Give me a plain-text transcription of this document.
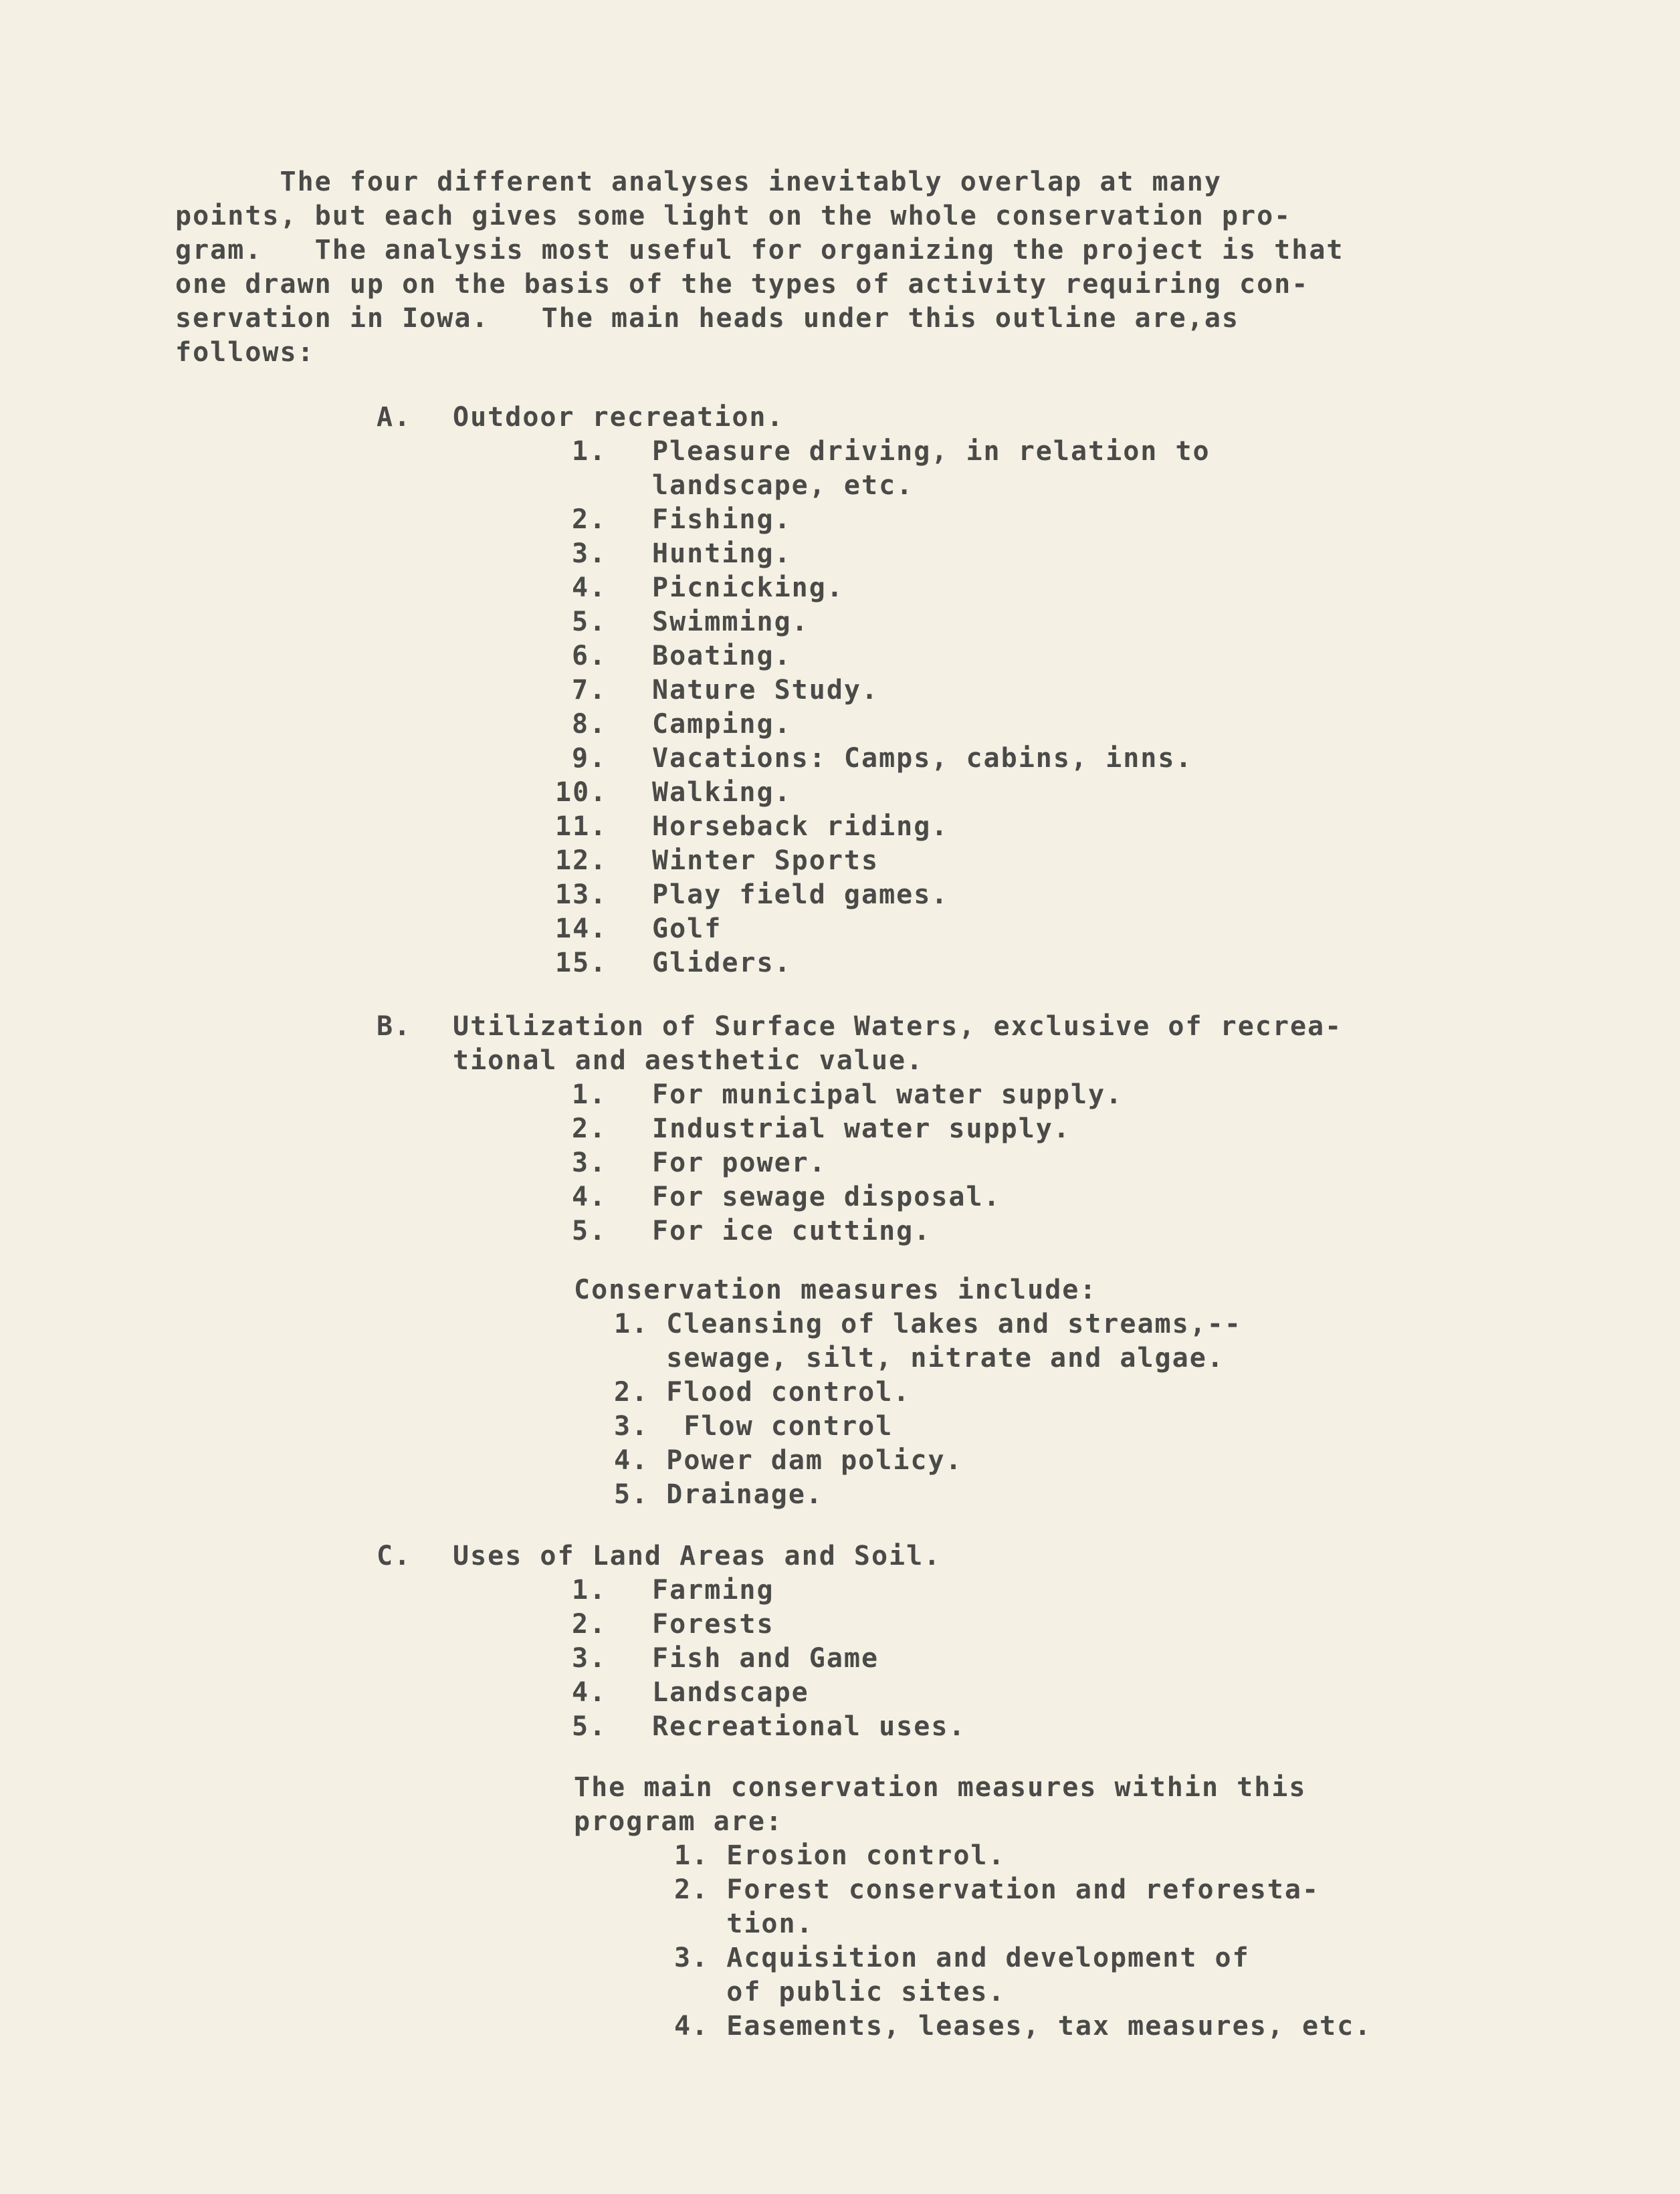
The four different analyses inevitably overlap at many
points, but each gives some light on the whole conservation pro-
gram.   The analysis most useful for organizing the project is that
one drawn up on the basis of the types of activity requiring con-
servation in Iowa.   The main heads under this outline are,as
follows:
A. Outdoor recreation.
1. Pleasure driving, in relation to
landscape, etc.
2. Fishing.
3. Hunting.
4. Picnicking.
5. Swimming.
6. Boating.
7. Nature Study.
8. Camping.
9. Vacations: Camps, cabins, inns.
10. Walking.
11. Horseback riding.
12. Winter Sports
13. Play field games.
14. Golf
15. Gliders.
B. Utilization of Surface Waters, exclusive of recrea-
tional and aesthetic value.
1. For municipal water supply.
2. Industrial water supply.
3. For power.
4. For sewage disposal.
5. For ice cutting.
Conservation measures include:
1. Cleansing of lakes and streams,--
sewage, silt, nitrate and algae.
2. Flood control.
3.  Flow control
4. Power dam policy.
5. Drainage.
C. Uses of Land Areas and Soil.
1. Farming
2. Forests
3. Fish and Game
4. Landscape
5. Recreational uses.
The main conservation measures within this
program are:
1. Erosion control.
2. Forest conservation and reforesta-
tion.
3. Acquisition and development of
of public sites.
4. Easements, leases, tax measures, etc.
